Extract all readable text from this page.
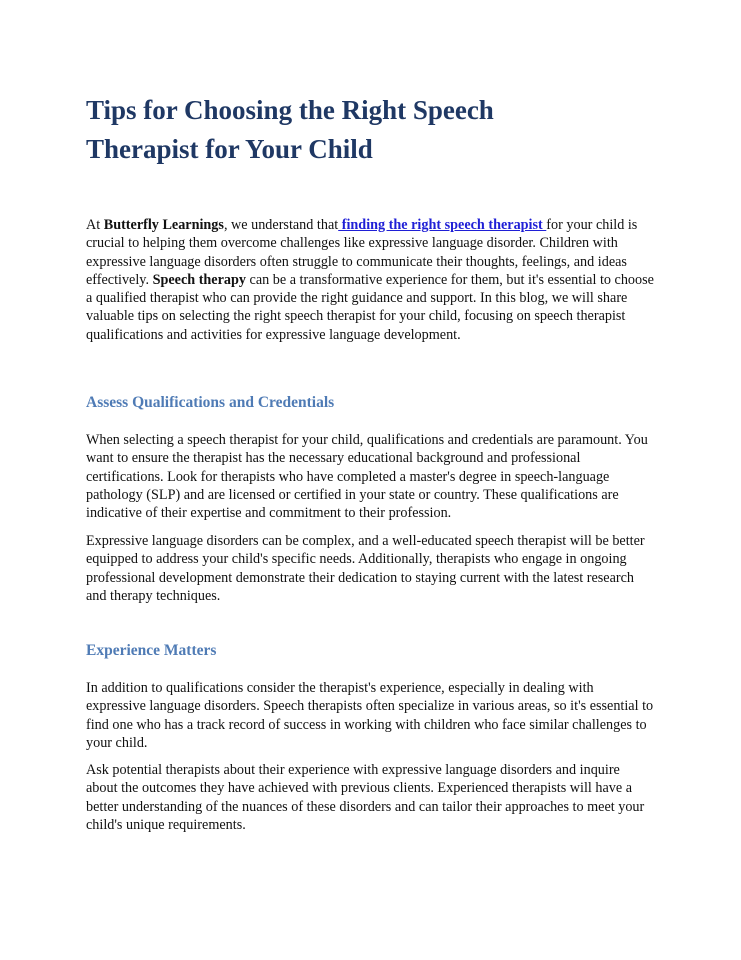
Tips for Choosing the Right Speech Therapist for Your Child

At Butterfly Learnings, we understand that finding the right speech therapist for your child is crucial to helping them overcome challenges like expressive language disorder. Children with expressive language disorders often struggle to communicate their thoughts, feelings, and ideas effectively. Speech therapy can be a transformative experience for them, but it's essential to choose a qualified therapist who can provide the right guidance and support. In this blog, we will share valuable tips on selecting the right speech therapist for your child, focusing on speech therapist qualifications and activities for expressive language development.

Assess Qualifications and Credentials

When selecting a speech therapist for your child, qualifications and credentials are paramount. You want to ensure the therapist has the necessary educational background and professional certifications. Look for therapists who have completed a master's degree in speech-language pathology (SLP) and are licensed or certified in your state or country. These qualifications are indicative of their expertise and commitment to their profession.

Expressive language disorders can be complex, and a well-educated speech therapist will be better equipped to address your child's specific needs. Additionally, therapists who engage in ongoing professional development demonstrate their dedication to staying current with the latest research and therapy techniques.

Experience Matters

In addition to qualifications consider the therapist's experience, especially in dealing with expressive language disorders. Speech therapists often specialize in various areas, so it's essential to find one who has a track record of success in working with children who face similar challenges to your child.

Ask potential therapists about their experience with expressive language disorders and inquire about the outcomes they have achieved with previous clients. Experienced therapists will have a better understanding of the nuances of these disorders and can tailor their approaches to meet your child's unique requirements.
